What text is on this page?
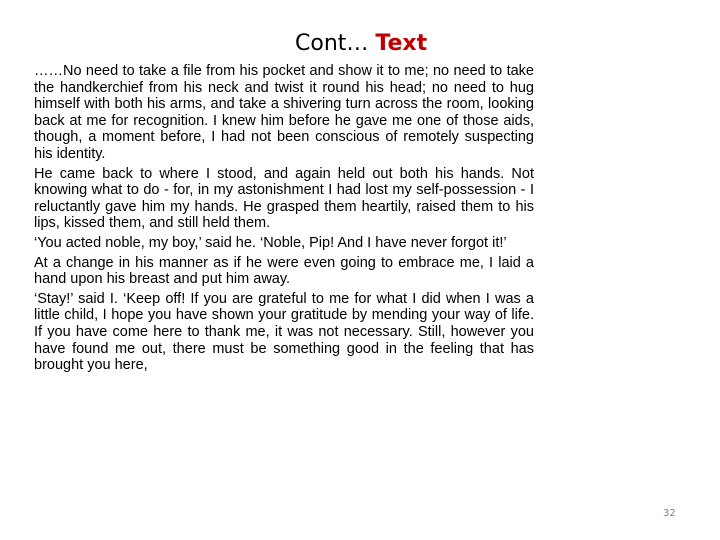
Cont… Text

……No need to take a file from his pocket and show it to me; no need to take the handkerchief from his neck and twist it round his head; no need to hug himself with both his arms, and take a shivering turn across the room, looking back at me for recognition. I knew him before he gave me one of those aids, though, a moment before, I had not been conscious of remotely suspecting his identity.

He came back to where I stood, and again held out both his hands. Not knowing what to do - for, in my astonishment I had lost my self-possession - I reluctantly gave him my hands. He grasped them heartily, raised them to his lips, kissed them, and still held them.

‘You acted noble, my boy,’ said he. ‘Noble, Pip! And I have never forgot it!’

At a change in his manner as if he were even going to embrace me, I laid a hand upon his breast and put him away.

‘Stay!’ said I. ‘Keep off! If you are grateful to me for what I did when I was a little child, I hope you have shown your gratitude by mending your way of life. If you have come here to thank me, it was not necessary. Still, however you have found me out, there must be something good in the feeling that has brought you here,

32
